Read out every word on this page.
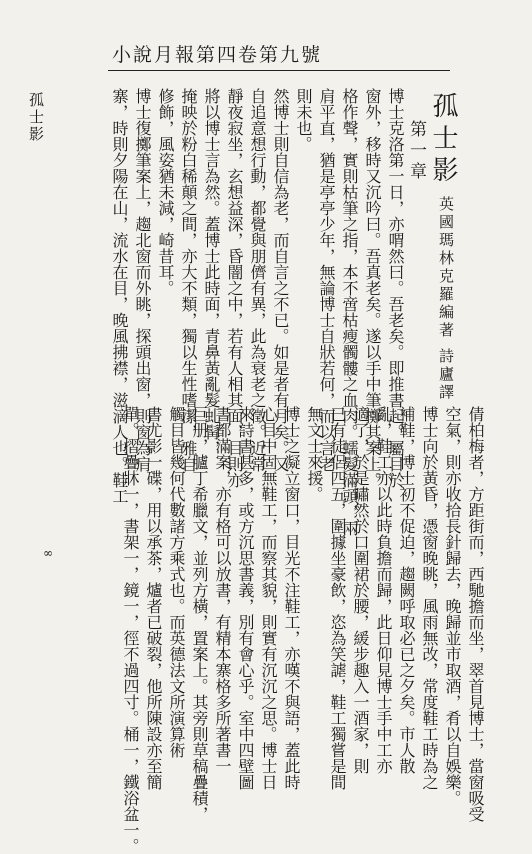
小說月報第四卷第九號
孤士影
∞
孤士影
英國瑪林克羅編著 詩廬譯
第一章
博士克洛第一日，亦喟然曰。吾老矣。即推書起。屬目於
窗外，移時又沉吟曰。吾真老矣。遂以手中筆擲其案上。
格作聲，實則枯筆之指，本不啻枯瘦髑髏之血肉。蠕髮滿頭，兩
肩平直，猶是亭亭少年，無論博士自狀若何，而以言老
則未也。
然博士則自信為老，而自言之不已。如是者有月矣。又
自追意想行動，都覺與朋儕有異，此為衰老之徵。近常
靜夜寂坐，玄想益深，昏闇之中，若有人相其面，目則亦
將以博士言為然。蓋博士此時面，青鼻黃亂髮虬髯，
掩映於粉白稀顛之間，亦大不類，獨以生性嗜潔，雅自
修飾，風姿猶未減，崎昔耳。
博士復擲筆案上，趨北窗而外眺，探頭出窗，則窗為肩
寨，時則夕陽在山，流水在目，晚風拂襟，滋滴人也。鞋工
倩柏梅者，方距街而，西馳擔而坐，翠首見博士，當窗吸受
空氣，則亦收拾長針歸去，晚歸並市取酒，肴以自娛樂。
博士向於黃昏，憑窗晚眺，風雨無改，常度鞋工時為之
補鞋，博士初不促迫，趨闕呼取必已之夕矣。市人散
亂，鞋工亦以此時負擔而歸，此日仰見博士手中工亦
適了，於是嘯然於口圍裙於腰，緩步趣入一酒家，則
已有徒侶四五，圍據坐豪飲，恣為笑謔，鞋工獨嘗是間
無文士來援。
博士之凝立窗口，目光不注鞋工，亦嘆不與語，蓋此時
心目中固無鞋工，而察其貌，則實有沉沉之思。博士日
來詩書甚多，或方沉思書義，別有會心乎。室中四壁圖
書都滿案，亦有格可以放書，有精本寨格多所著書一
巨册，臚丁希臘文，並列方橫，置案上。其旁則草稿疊積，
觸目皆幾何代數諸方乘式也。而英德法文所演算術
書尤影一碟，用以承茶，爐者已破裂，他所陳設亦至簡
單。摺疊牀一，書架一，鏡一，徑不過四寸。桶一，鐵浴盆一。
